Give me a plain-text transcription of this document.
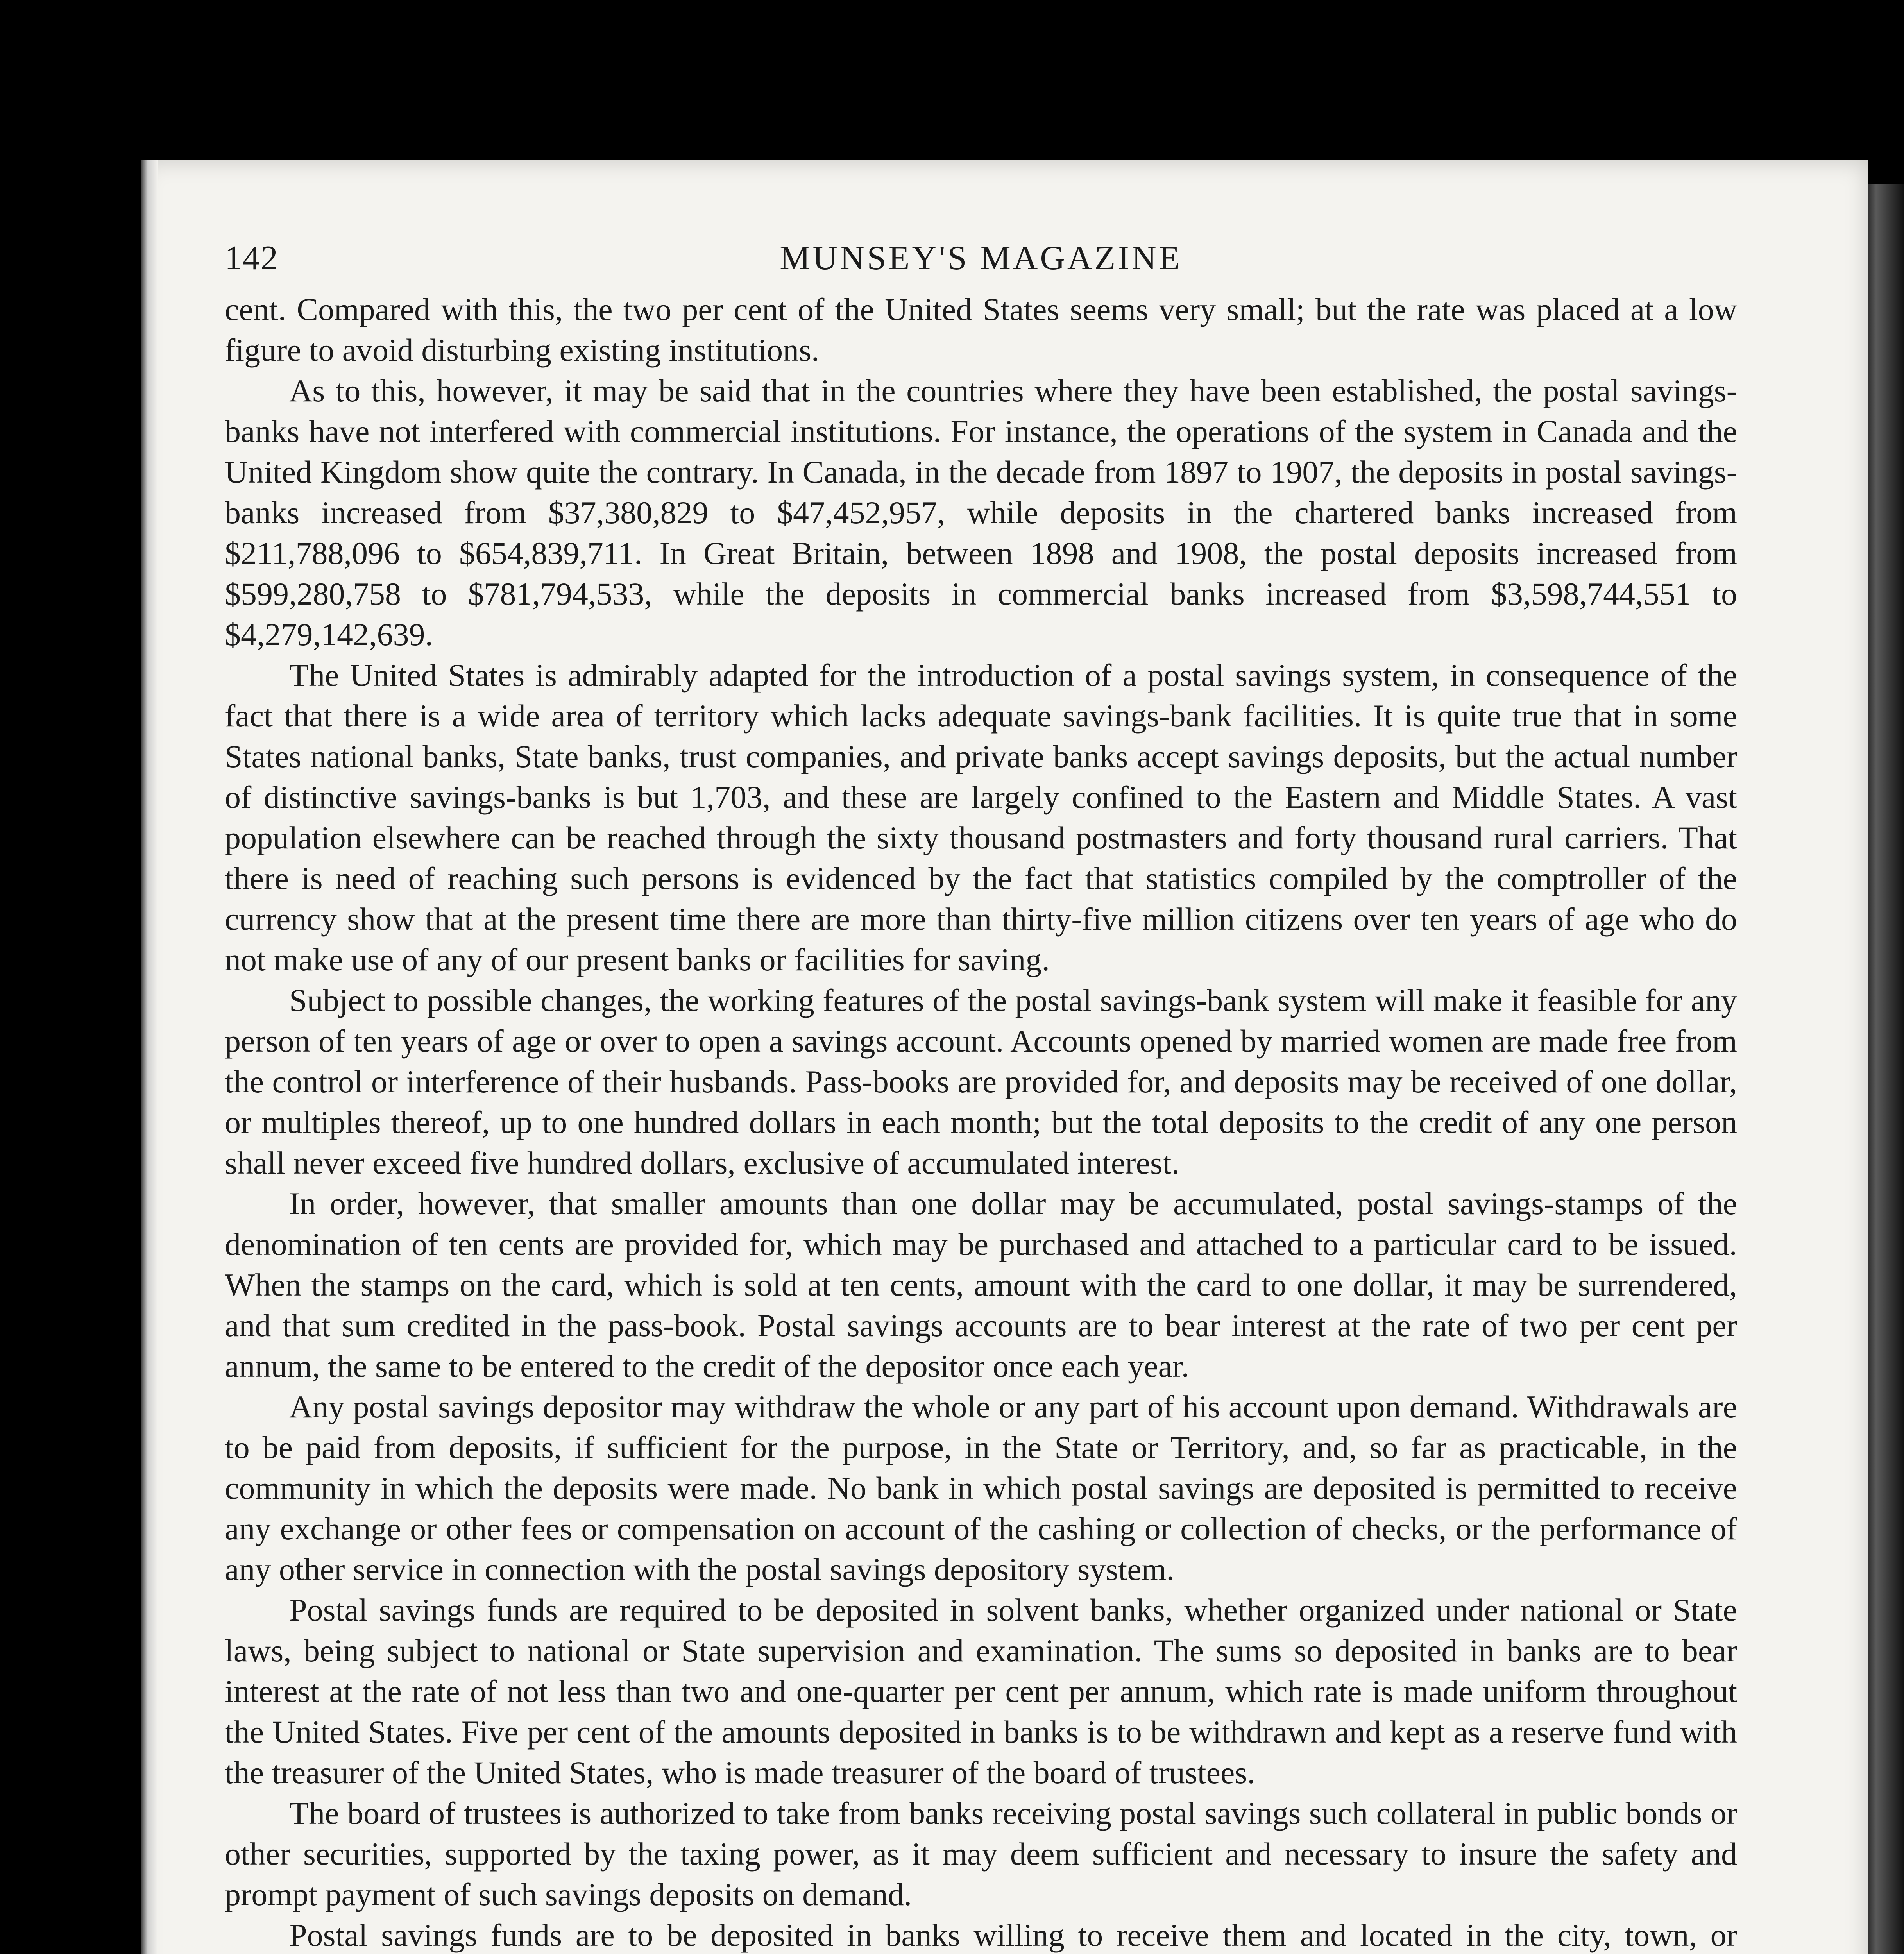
142	MUNSEY'S MAGAZINE

cent. Compared with this, the two per cent of the United States seems very small; but the rate was placed at a low figure to avoid disturbing existing institutions.

As to this, however, it may be said that in the countries where they have been established, the postal savings-banks have not interfered with commercial institutions. For instance, the operations of the system in Canada and the United Kingdom show quite the contrary. In Canada, in the decade from 1897 to 1907, the deposits in postal savings-banks increased from $37,380,829 to $47,452,957, while deposits in the chartered banks increased from $211,788,096 to $654,839,711. In Great Britain, between 1898 and 1908, the postal deposits increased from $599,280,758 to $781,794,533, while the deposits in commercial banks increased from $3,598,744,551 to $4,279,142,639.

The United States is admirably adapted for the introduction of a postal savings system, in consequence of the fact that there is a wide area of territory which lacks adequate savings-bank facilities. It is quite true that in some States national banks, State banks, trust companies, and private banks accept savings deposits, but the actual number of distinctive savings-banks is but 1,703, and these are largely confined to the Eastern and Middle States. A vast population elsewhere can be reached through the sixty thousand postmasters and forty thousand rural carriers. That there is need of reaching such persons is evidenced by the fact that statistics compiled by the comptroller of the currency show that at the present time there are more than thirty-five million citizens over ten years of age who do not make use of any of our present banks or facilities for saving.

Subject to possible changes, the working features of the postal savings-bank system will make it feasible for any person of ten years of age or over to open a savings account. Accounts opened by married women are made free from the control or interference of their husbands. Pass-books are provided for, and deposits may be received of one dollar, or multiples thereof, up to one hundred dollars in each month; but the total deposits to the credit of any one person shall never exceed five hundred dollars, exclusive of accumulated interest.

In order, however, that smaller amounts than one dollar may be accumulated, postal savings-stamps of the denomination of ten cents are provided for, which may be purchased and attached to a particular card to be issued. When the stamps on the card, which is sold at ten cents, amount with the card to one dollar, it may be surrendered, and that sum credited in the pass-book. Postal savings accounts are to bear interest at the rate of two per cent per annum, the same to be entered to the credit of the depositor once each year.

Any postal savings depositor may withdraw the whole or any part of his account upon demand. Withdrawals are to be paid from deposits, if sufficient for the purpose, in the State or Territory, and, so far as practicable, in the community in which the deposits were made. No bank in which postal savings are deposited is permitted to receive any exchange or other fees or compensation on account of the cashing or collection of checks, or the performance of any other service in connection with the postal savings depository system.

Postal savings funds are required to be deposited in solvent banks, whether organized under national or State laws, being subject to national or State supervision and examination. The sums so deposited in banks are to bear interest at the rate of not less than two and one-quarter per cent per annum, which rate is made uniform throughout the United States. Five per cent of the amounts deposited in banks is to be withdrawn and kept as a reserve fund with the treasurer of the United States, who is made treasurer of the board of trustees.

The board of trustees is authorized to take from banks receiving postal savings such collateral in public bonds or other securities, supported by the taxing power, as it may deem sufficient and necessary to insure the safety and prompt payment of such savings deposits on demand.

Postal savings funds are to be deposited in banks willing to receive them and located in the city, town, or
